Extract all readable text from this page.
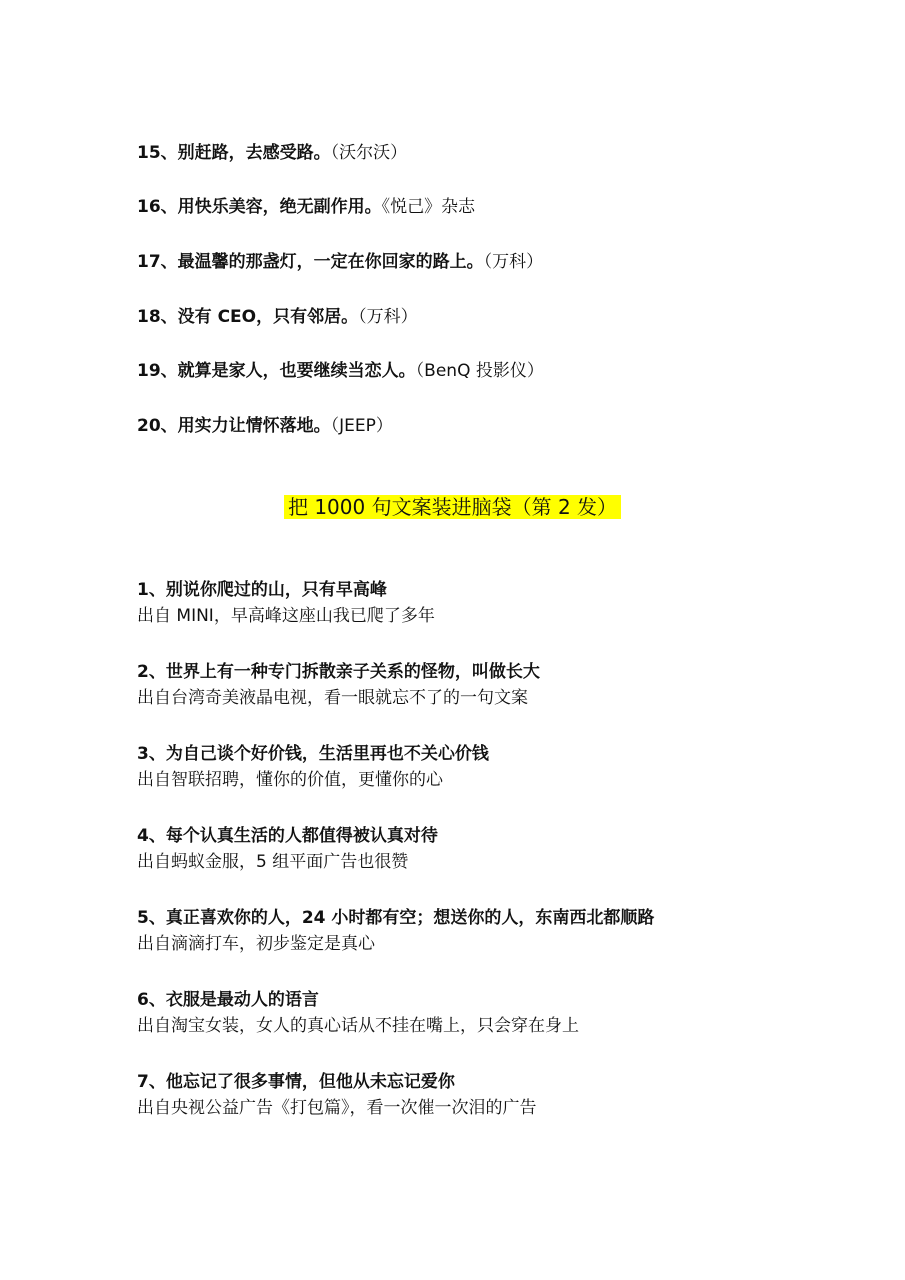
15、别赶路，去感受路。（沃尔沃）
16、用快乐美容，绝无副作用。《悦己》杂志
17、最温馨的那盏灯，一定在你回家的路上。（万科）
18、没有 CEO，只有邻居。（万科）
19、就算是家人，也要继续当恋人。（BenQ 投影仪）
20、用实力让情怀落地。（JEEP）
把 1000 句文案装进脑袋（第 2 发）
1、别说你爬过的山，只有早高峰
出自 MINI，早高峰这座山我已爬了多年
2、世界上有一种专门拆散亲子关系的怪物，叫做长大
出自台湾奇美液晶电视，看一眼就忘不了的一句文案
3、为自己谈个好价钱，生活里再也不关心价钱
出自智联招聘，懂你的价值，更懂你的心
4、每个认真生活的人都值得被认真对待
出自蚂蚁金服，5 组平面广告也很赞
5、真正喜欢你的人，24 小时都有空；想送你的人，东南西北都顺路
出自滴滴打车，初步鉴定是真心
6、衣服是最动人的语言
出自淘宝女装，女人的真心话从不挂在嘴上，只会穿在身上
7、他忘记了很多事情，但他从未忘记爱你
出自央视公益广告《打包篇》，看一次催一次泪的广告
